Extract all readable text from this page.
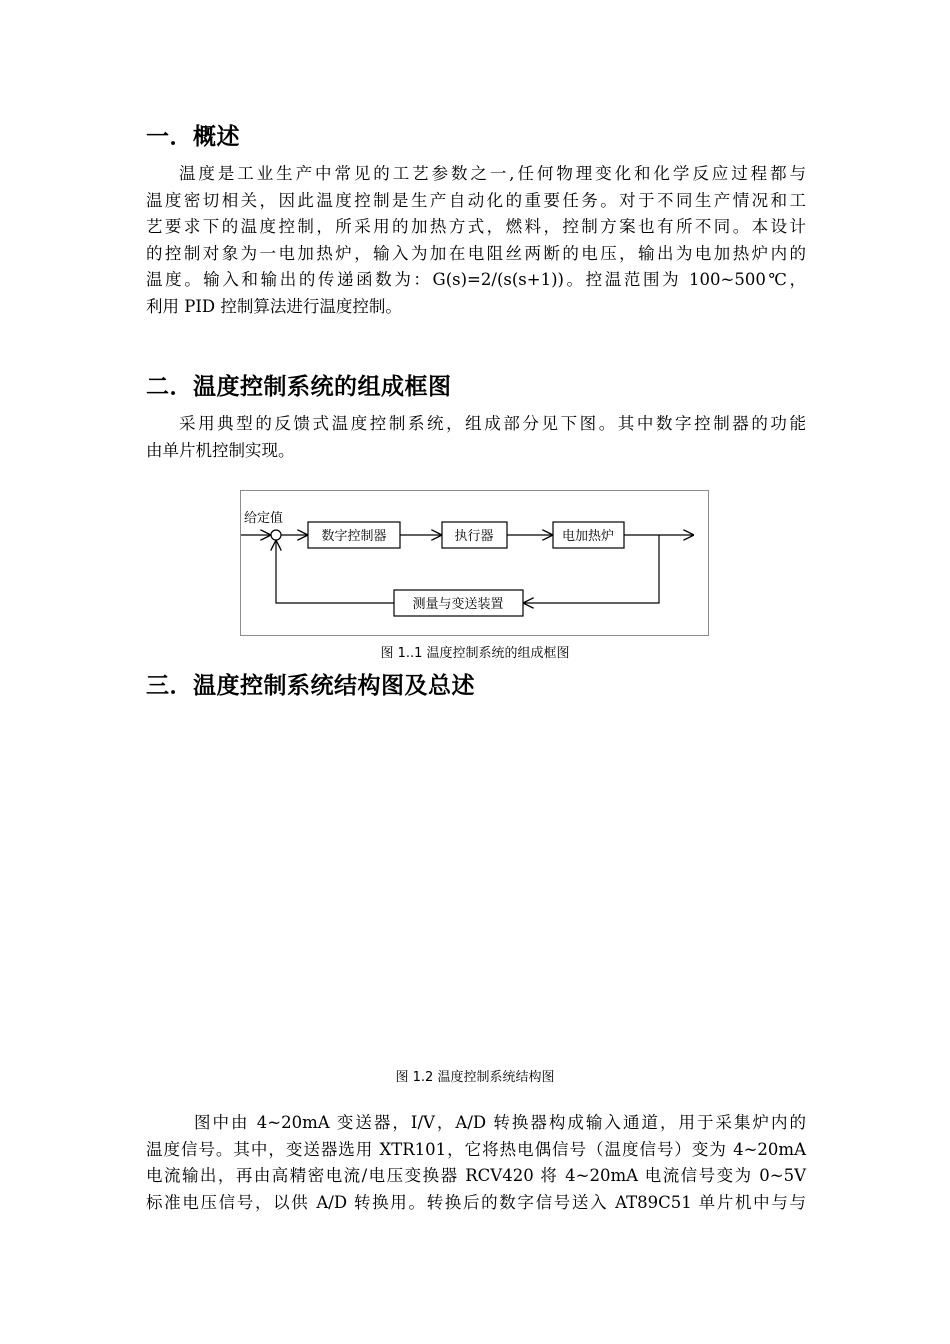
一．概述
温度是工业生产中常见的工艺参数之一,任何物理变化和化学反应过程都与
温度密切相关，因此温度控制是生产自动化的重要任务。对于不同生产情况和工
艺要求下的温度控制，所采用的加热方式，燃料，控制方案也有所不同。本设计
的控制对象为一电加热炉，输入为加在电阻丝两断的电压，输出为电加热炉内的
温度。输入和输出的传递函数为：G(s)=2/(s(s+1))。控温范围为 100~500℃，
利用 PID 控制算法进行温度控制。
二．温度控制系统的组成框图
采用典型的反馈式温度控制系统，组成部分见下图。其中数字控制器的功能
由单片机控制实现。
给定值
数字控制器	执行器	电加热炉
测量与变送装置

图 1..1 温度控制系统的组成框图

三．温度控制系统结构图及总述

图 1.2 温度控制系统结构图

图中由 4~20mA 变送器，I/V，A/D 转换器构成输入通道，用于采集炉内的
温度信号。其中，变送器选用 XTR101，它将热电偶信号（温度信号）变为 4~20mA
电流输出，再由高精密电流/电压变换器 RCV420 将 4~20mA 电流信号变为 0~5V
标准电压信号，以供 A/D 转换用。转换后的数字信号送入 AT89C51 单片机中与与
